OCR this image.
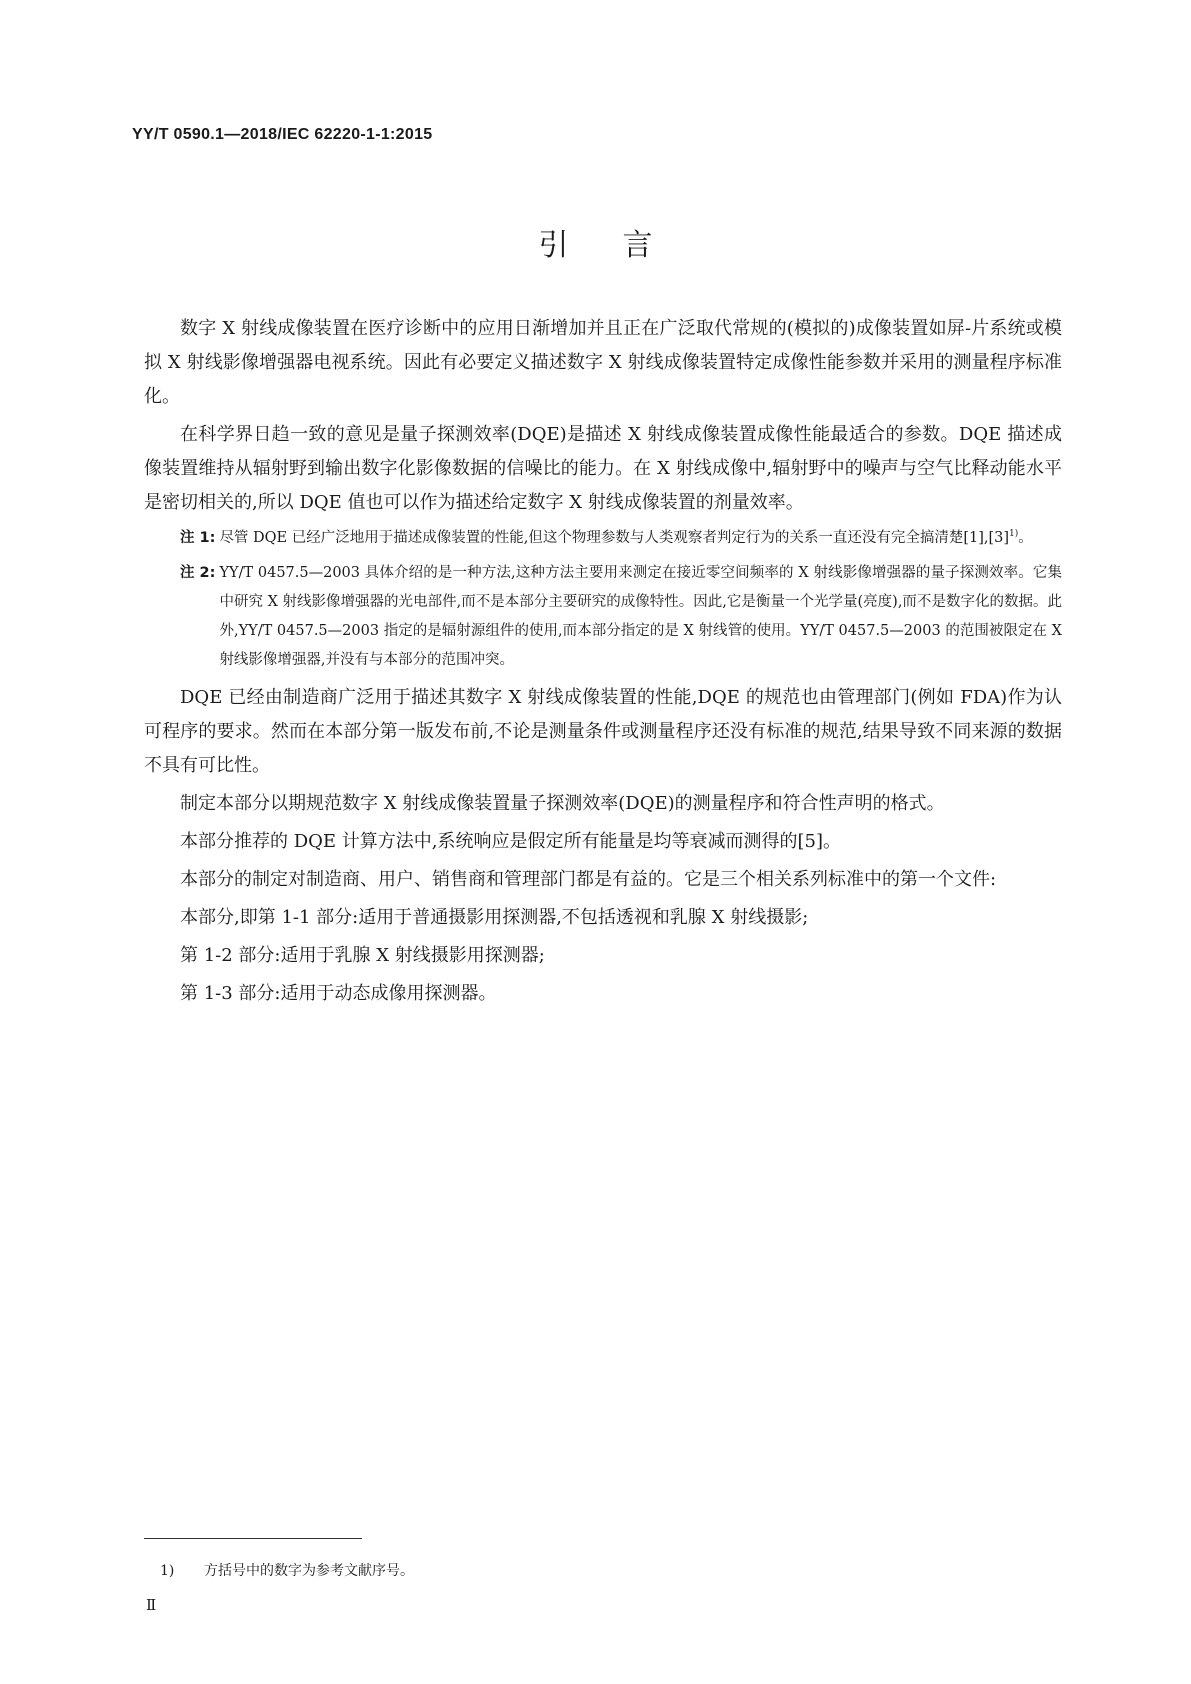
YY/T 0590.1—2018/IEC 62220-1-1:2015
引言

数字 X 射线成像装置在医疗诊断中的应用日渐增加并且正在广泛取代常规的(模拟的)成像装置如屏-片系统或模拟 X 射线影像增强器电视系统。因此有必要定义描述数字 X 射线成像装置特定成像性能参数并采用的测量程序标准化。

在科学界日趋一致的意见是量子探测效率(DQE)是描述 X 射线成像装置成像性能最适合的参数。DQE 描述成像装置维持从辐射野到输出数字化影像数据的信噪比的能力。在 X 射线成像中,辐射野中的噪声与空气比释动能水平是密切相关的,所以 DQE 值也可以作为描述给定数字 X 射线成像装置的剂量效率。

注 1: 尽管 DQE 已经广泛地用于描述成像装置的性能,但这个物理参数与人类观察者判定行为的关系一直还没有完全搞清楚$[1],[3]^{1)}$。
注 2: YY/T 0457.5—2003 具体介绍的是一种方法,这种方法主要用来测定在接近零空间频率的 X 射线影像增强器的量子探测效率。它集中研究 X 射线影像增强器的光电部件,而不是本部分主要研究的成像特性。因此,它是衡量一个光学量(亮度),而不是数字化的数据。此外,YY/T 0457.5—2003 指定的是辐射源组件的使用,而本部分指定的是 X 射线管的使用。YY/T 0457.5—2003 的范围被限定在 X 射线影像增强器,并没有与本部分的范围冲突。

DQE 已经由制造商广泛用于描述其数字 X 射线成像装置的性能,DQE 的规范也由管理部门(例如 FDA)作为认可程序的要求。然而在本部分第一版发布前,不论是测量条件或测量程序还没有标准的规范,结果导致不同来源的数据不具有可比性。

制定本部分以期规范数字 X 射线成像装置量子探测效率(DQE)的测量程序和符合性声明的格式。

本部分推荐的 DQE 计算方法中,系统响应是假定所有能量是均等衰减而测得的[5]。

本部分的制定对制造商、用户、销售商和管理部门都是有益的。它是三个相关系列标准中的第一个文件:

本部分,即第 1-1 部分:适用于普通摄影用探测器,不包括透视和乳腺 X 射线摄影;

第 1-2 部分:适用于乳腺 X 射线摄影用探测器;

第 1-3 部分:适用于动态成像用探测器。

1) 方括号中的数字为参考文献序号。
Ⅱ
